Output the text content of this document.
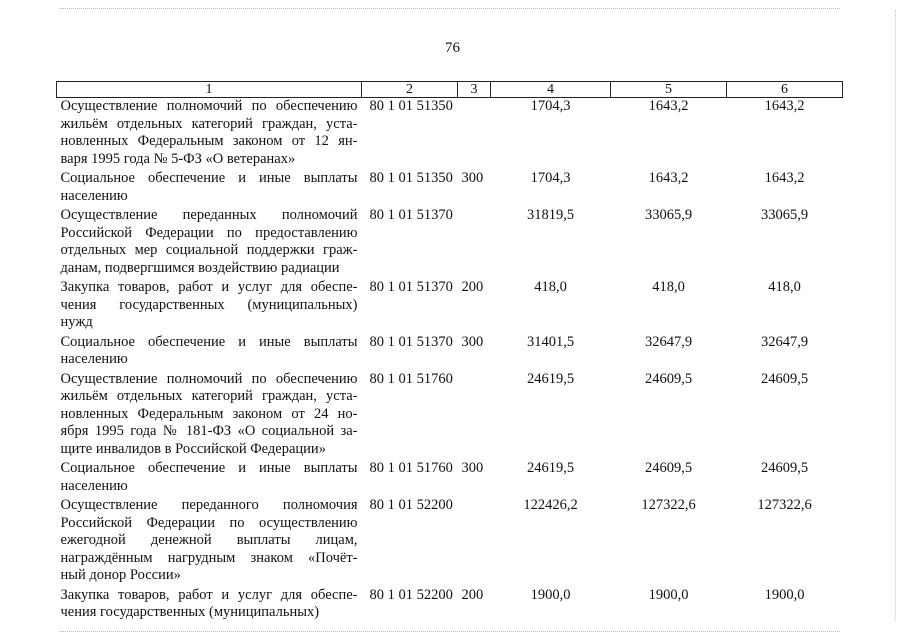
76
1	2	3	4	5	6

Осуществление полномочий по обеспечению
жильём отдельных категорий граждан, уста-
новленных Федеральным законом от 12 ян-
варя 1995 года № 5-ФЗ «О ветеранах»	80 1 01 51350		1704,3	1643,2	1643,2

Социальное обеспечение и иные выплаты
населению	80 1 01 51350	300	1704,3	1643,2	1643,2

Осуществление переданных полномочий
Российской Федерации по предоставлению
отдельных мер социальной поддержки граж-
данам, подвергшимся воздействию радиации	80 1 01 51370		31819,5	33065,9	33065,9

Закупка товаров, работ и услуг для обеспе-
чения государственных (муниципальных)
нужд	80 1 01 51370	200	418,0	418,0	418,0

Социальное обеспечение и иные выплаты
населению	80 1 01 51370	300	31401,5	32647,9	32647,9

Осуществление полномочий по обеспечению
жильём отдельных категорий граждан, уста-
новленных Федеральным законом от 24 но-
ября 1995 года № 181-ФЗ «О социальной за-
щите инвалидов в Российской Федерации»	80 1 01 51760		24619,5	24609,5	24609,5

Социальное обеспечение и иные выплаты
населению	80 1 01 51760	300	24619,5	24609,5	24609,5

Осуществление переданного полномочия
Российской Федерации по осуществлению
ежегодной денежной выплаты лицам,
награждённым нагрудным знаком «Почёт-
ный донор России»	80 1 01 52200		122426,2	127322,6	127322,6

Закупка товаров, работ и услуг для обеспе-
чения государственных (муниципальных)	80 1 01 52200	200	1900,0	1900,0	1900,0
